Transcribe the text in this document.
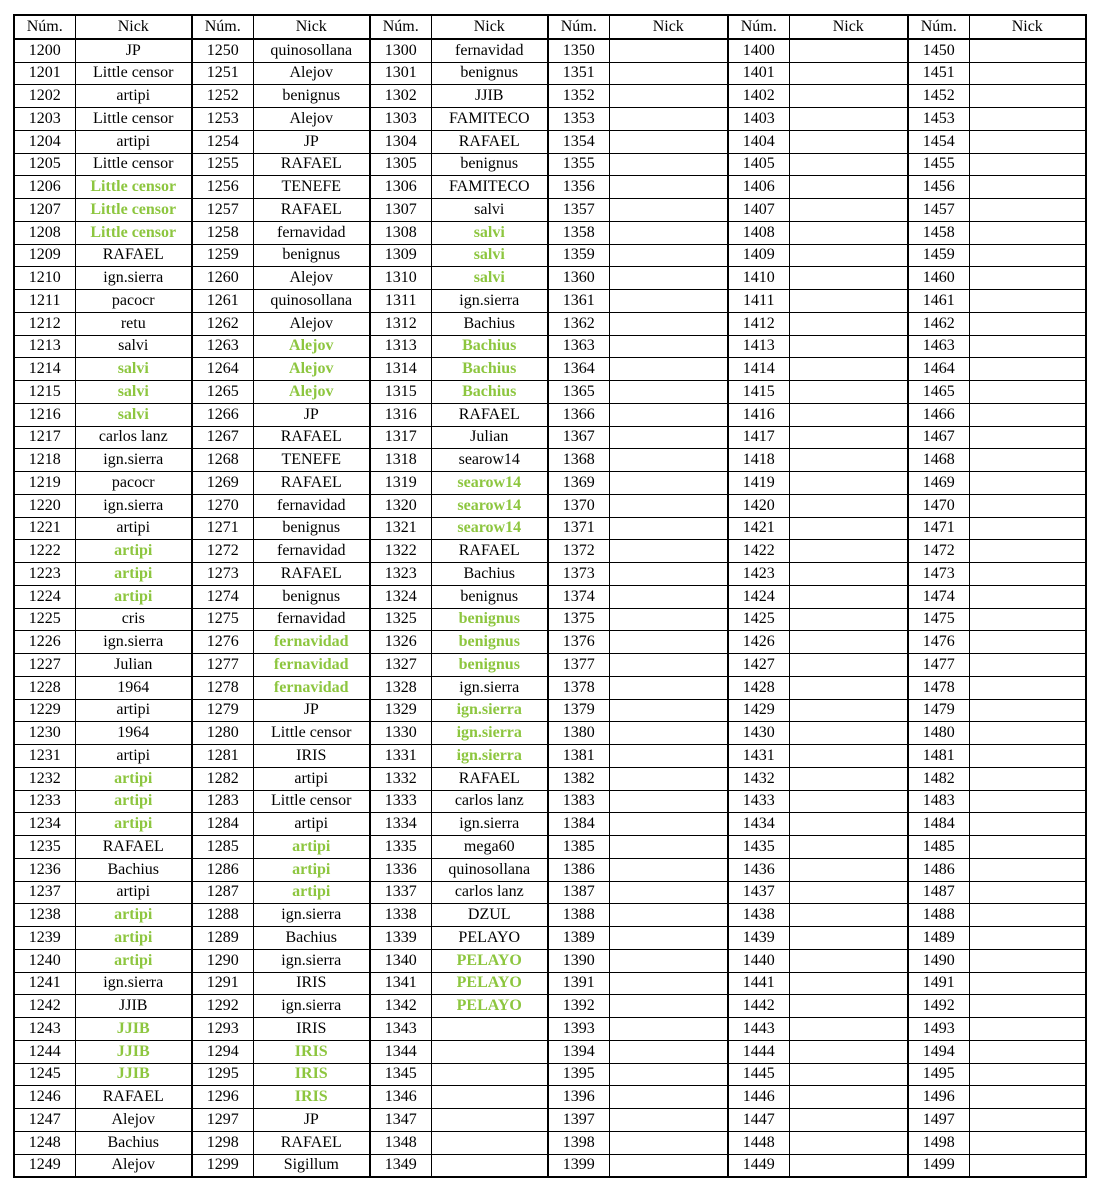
Núm.	Nick	Núm.	Nick	Núm.	Nick	Núm.	Nick	Núm.	Nick	Núm.	Nick
1200	JP	1250	quinosollana	1300	fernavidad	1350		1400		1450	
1201	Little censor	1251	Alejov	1301	benignus	1351		1401		1451	
1202	artipi	1252	benignus	1302	JJIB	1352		1402		1452	
1203	Little censor	1253	Alejov	1303	FAMITECO	1353		1403		1453	
1204	artipi	1254	JP	1304	RAFAEL	1354		1404		1454	
1205	Little censor	1255	RAFAEL	1305	benignus	1355		1405		1455	
1206	Little censor	1256	TENEFE	1306	FAMITECO	1356		1406		1456	
1207	Little censor	1257	RAFAEL	1307	salvi	1357		1407		1457	
1208	Little censor	1258	fernavidad	1308	salvi	1358		1408		1458	
1209	RAFAEL	1259	benignus	1309	salvi	1359		1409		1459	
1210	ign.sierra	1260	Alejov	1310	salvi	1360		1410		1460	
1211	pacocr	1261	quinosollana	1311	ign.sierra	1361		1411		1461	
1212	retu	1262	Alejov	1312	Bachius	1362		1412		1462	
1213	salvi	1263	Alejov	1313	Bachius	1363		1413		1463	
1214	salvi	1264	Alejov	1314	Bachius	1364		1414		1464	
1215	salvi	1265	Alejov	1315	Bachius	1365		1415		1465	
1216	salvi	1266	JP	1316	RAFAEL	1366		1416		1466	
1217	carlos lanz	1267	RAFAEL	1317	Julian	1367		1417		1467	
1218	ign.sierra	1268	TENEFE	1318	searow14	1368		1418		1468	
1219	pacocr	1269	RAFAEL	1319	searow14	1369		1419		1469	
1220	ign.sierra	1270	fernavidad	1320	searow14	1370		1420		1470	
1221	artipi	1271	benignus	1321	searow14	1371		1421		1471	
1222	artipi	1272	fernavidad	1322	RAFAEL	1372		1422		1472	
1223	artipi	1273	RAFAEL	1323	Bachius	1373		1423		1473	
1224	artipi	1274	benignus	1324	benignus	1374		1424		1474	
1225	cris	1275	fernavidad	1325	benignus	1375		1425		1475	
1226	ign.sierra	1276	fernavidad	1326	benignus	1376		1426		1476	
1227	Julian	1277	fernavidad	1327	benignus	1377		1427		1477	
1228	1964	1278	fernavidad	1328	ign.sierra	1378		1428		1478	
1229	artipi	1279	JP	1329	ign.sierra	1379		1429		1479	
1230	1964	1280	Little censor	1330	ign.sierra	1380		1430		1480	
1231	artipi	1281	IRIS	1331	ign.sierra	1381		1431		1481	
1232	artipi	1282	artipi	1332	RAFAEL	1382		1432		1482	
1233	artipi	1283	Little censor	1333	carlos lanz	1383		1433		1483	
1234	artipi	1284	artipi	1334	ign.sierra	1384		1434		1484	
1235	RAFAEL	1285	artipi	1335	mega60	1385		1435		1485	
1236	Bachius	1286	artipi	1336	quinosollana	1386		1436		1486	
1237	artipi	1287	artipi	1337	carlos lanz	1387		1437		1487	
1238	artipi	1288	ign.sierra	1338	DZUL	1388		1438		1488	
1239	artipi	1289	Bachius	1339	PELAYO	1389		1439		1489	
1240	artipi	1290	ign.sierra	1340	PELAYO	1390		1440		1490	
1241	ign.sierra	1291	IRIS	1341	PELAYO	1391		1441		1491	
1242	JJIB	1292	ign.sierra	1342	PELAYO	1392		1442		1492	
1243	JJIB	1293	IRIS	1343		1393		1443		1493	
1244	JJIB	1294	IRIS	1344		1394		1444		1494	
1245	JJIB	1295	IRIS	1345		1395		1445		1495	
1246	RAFAEL	1296	IRIS	1346		1396		1446		1496	
1247	Alejov	1297	JP	1347		1397		1447		1497	
1248	Bachius	1298	RAFAEL	1348		1398		1448		1498	
1249	Alejov	1299	Sigillum	1349		1399		1449		1499	
